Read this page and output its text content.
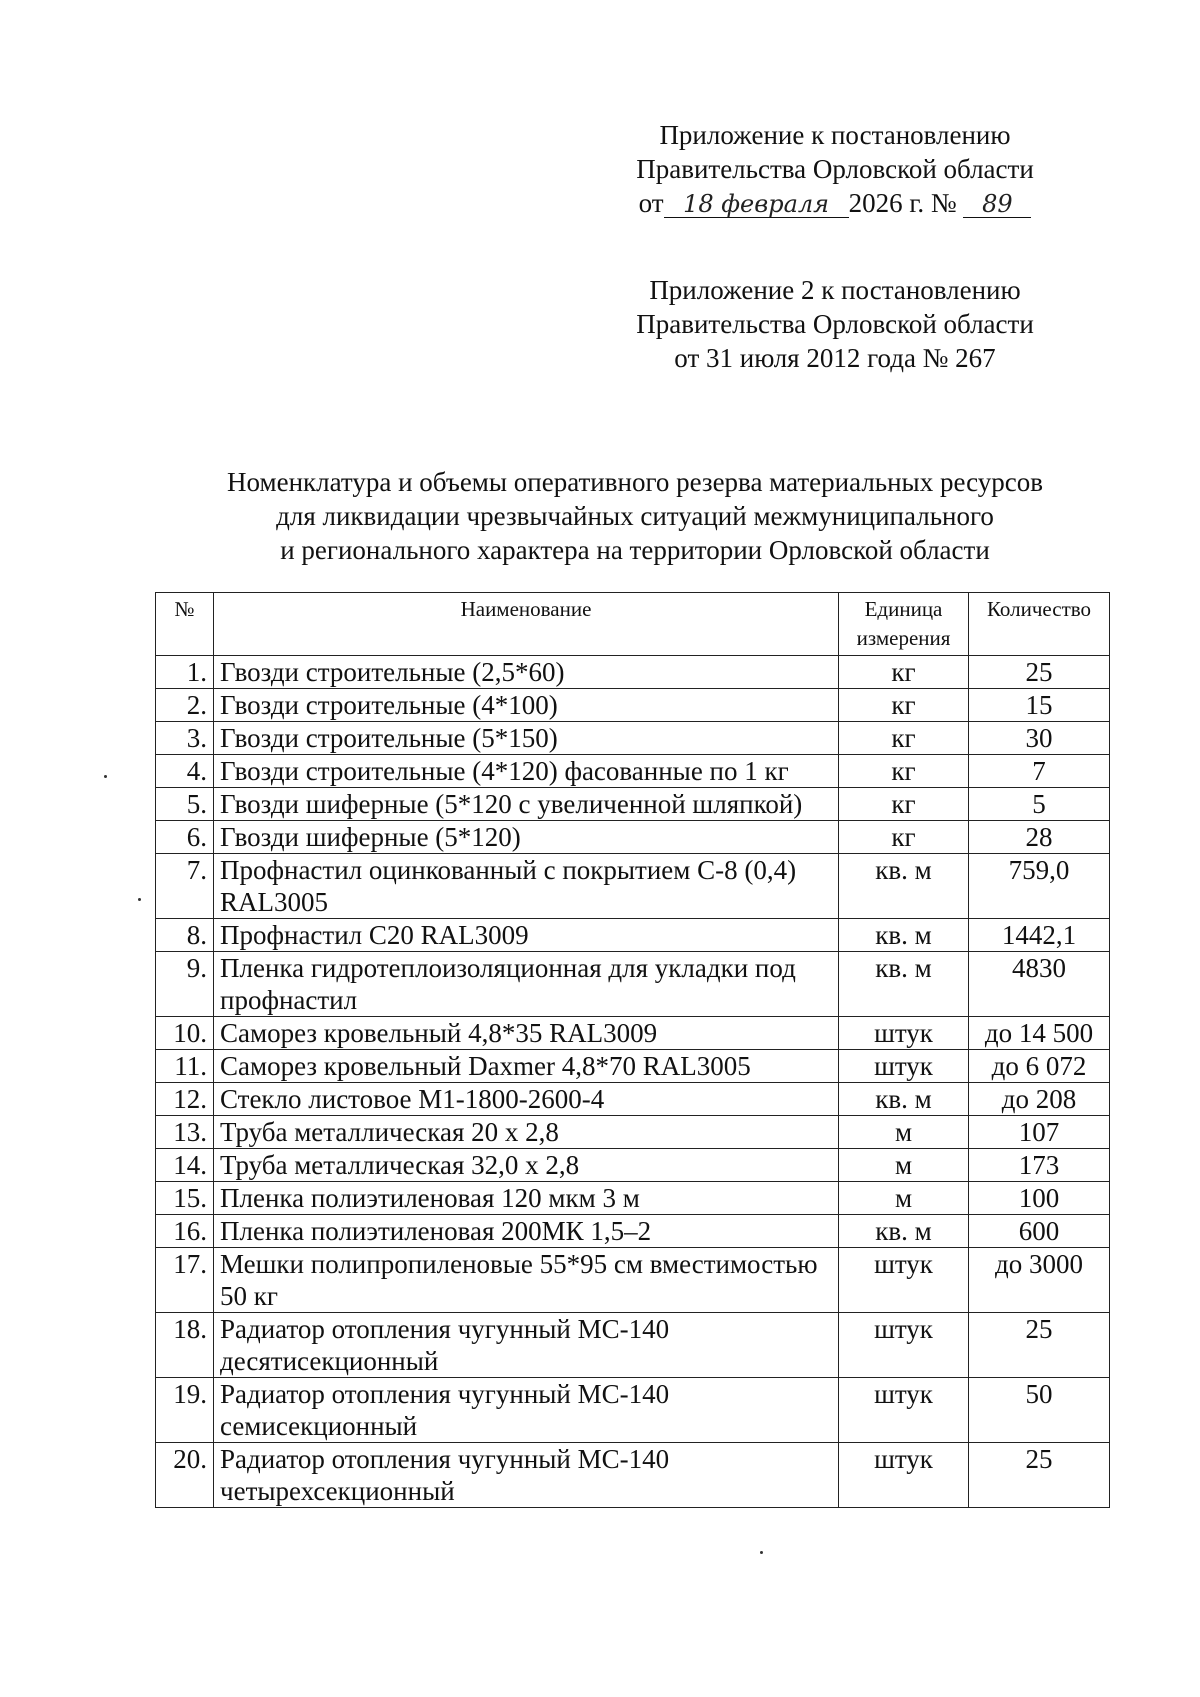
Приложение к постановлению
Правительства Орловской области
от 18 февраля 2026 г. № 89
Приложение 2 к постановлению
Правительства Орловской области
от 31 июля 2012 года № 267
Номенклатура и объемы оперативного резерва материальных ресурсов
для ликвидации чрезвычайных ситуаций межмуниципального
и регионального характера на территории Орловской области
№	Наименование	Единица измерения	Количество
1.	Гвозди строительные (2,5*60)	кг	25
2.	Гвозди строительные (4*100)	кг	15
3.	Гвозди строительные (5*150)	кг	30
4.	Гвозди строительные (4*120) фасованные по 1 кг	кг	7
5.	Гвозди шиферные (5*120 с увеличенной шляпкой)	кг	5
6.	Гвозди шиферные (5*120)	кг	28
7.	Профнастил оцинкованный с покрытием С-8 (0,4) RAL3005	кв. м	759,0
8.	Профнастил С20 RAL3009	кв. м	1442,1
9.	Пленка гидротеплоизоляционная для укладки под профнастил	кв. м	4830
10.	Саморез кровельный 4,8*35 RAL3009	штук	до 14 500
11.	Саморез кровельный Daxmer 4,8*70 RAL3005	штук	до 6 072
12.	Стекло листовое М1-1800-2600-4	кв. м	до 208
13.	Труба металлическая 20 х 2,8	м	107
14.	Труба металлическая 32,0 х 2,8	м	173
15.	Пленка полиэтиленовая 120 мкм 3 м	м	100
16.	Пленка полиэтиленовая 200МК 1,5–2	кв. м	600
17.	Мешки полипропиленовые 55*95 см вместимостью 50 кг	штук	до 3000
18.	Радиатор отопления чугунный МС-140 десятисекционный	штук	25
19.	Радиатор отопления чугунный МС-140 семисекционный	штук	50
20.	Радиатор отопления чугунный МС-140 четырехсекционный	штук	25
